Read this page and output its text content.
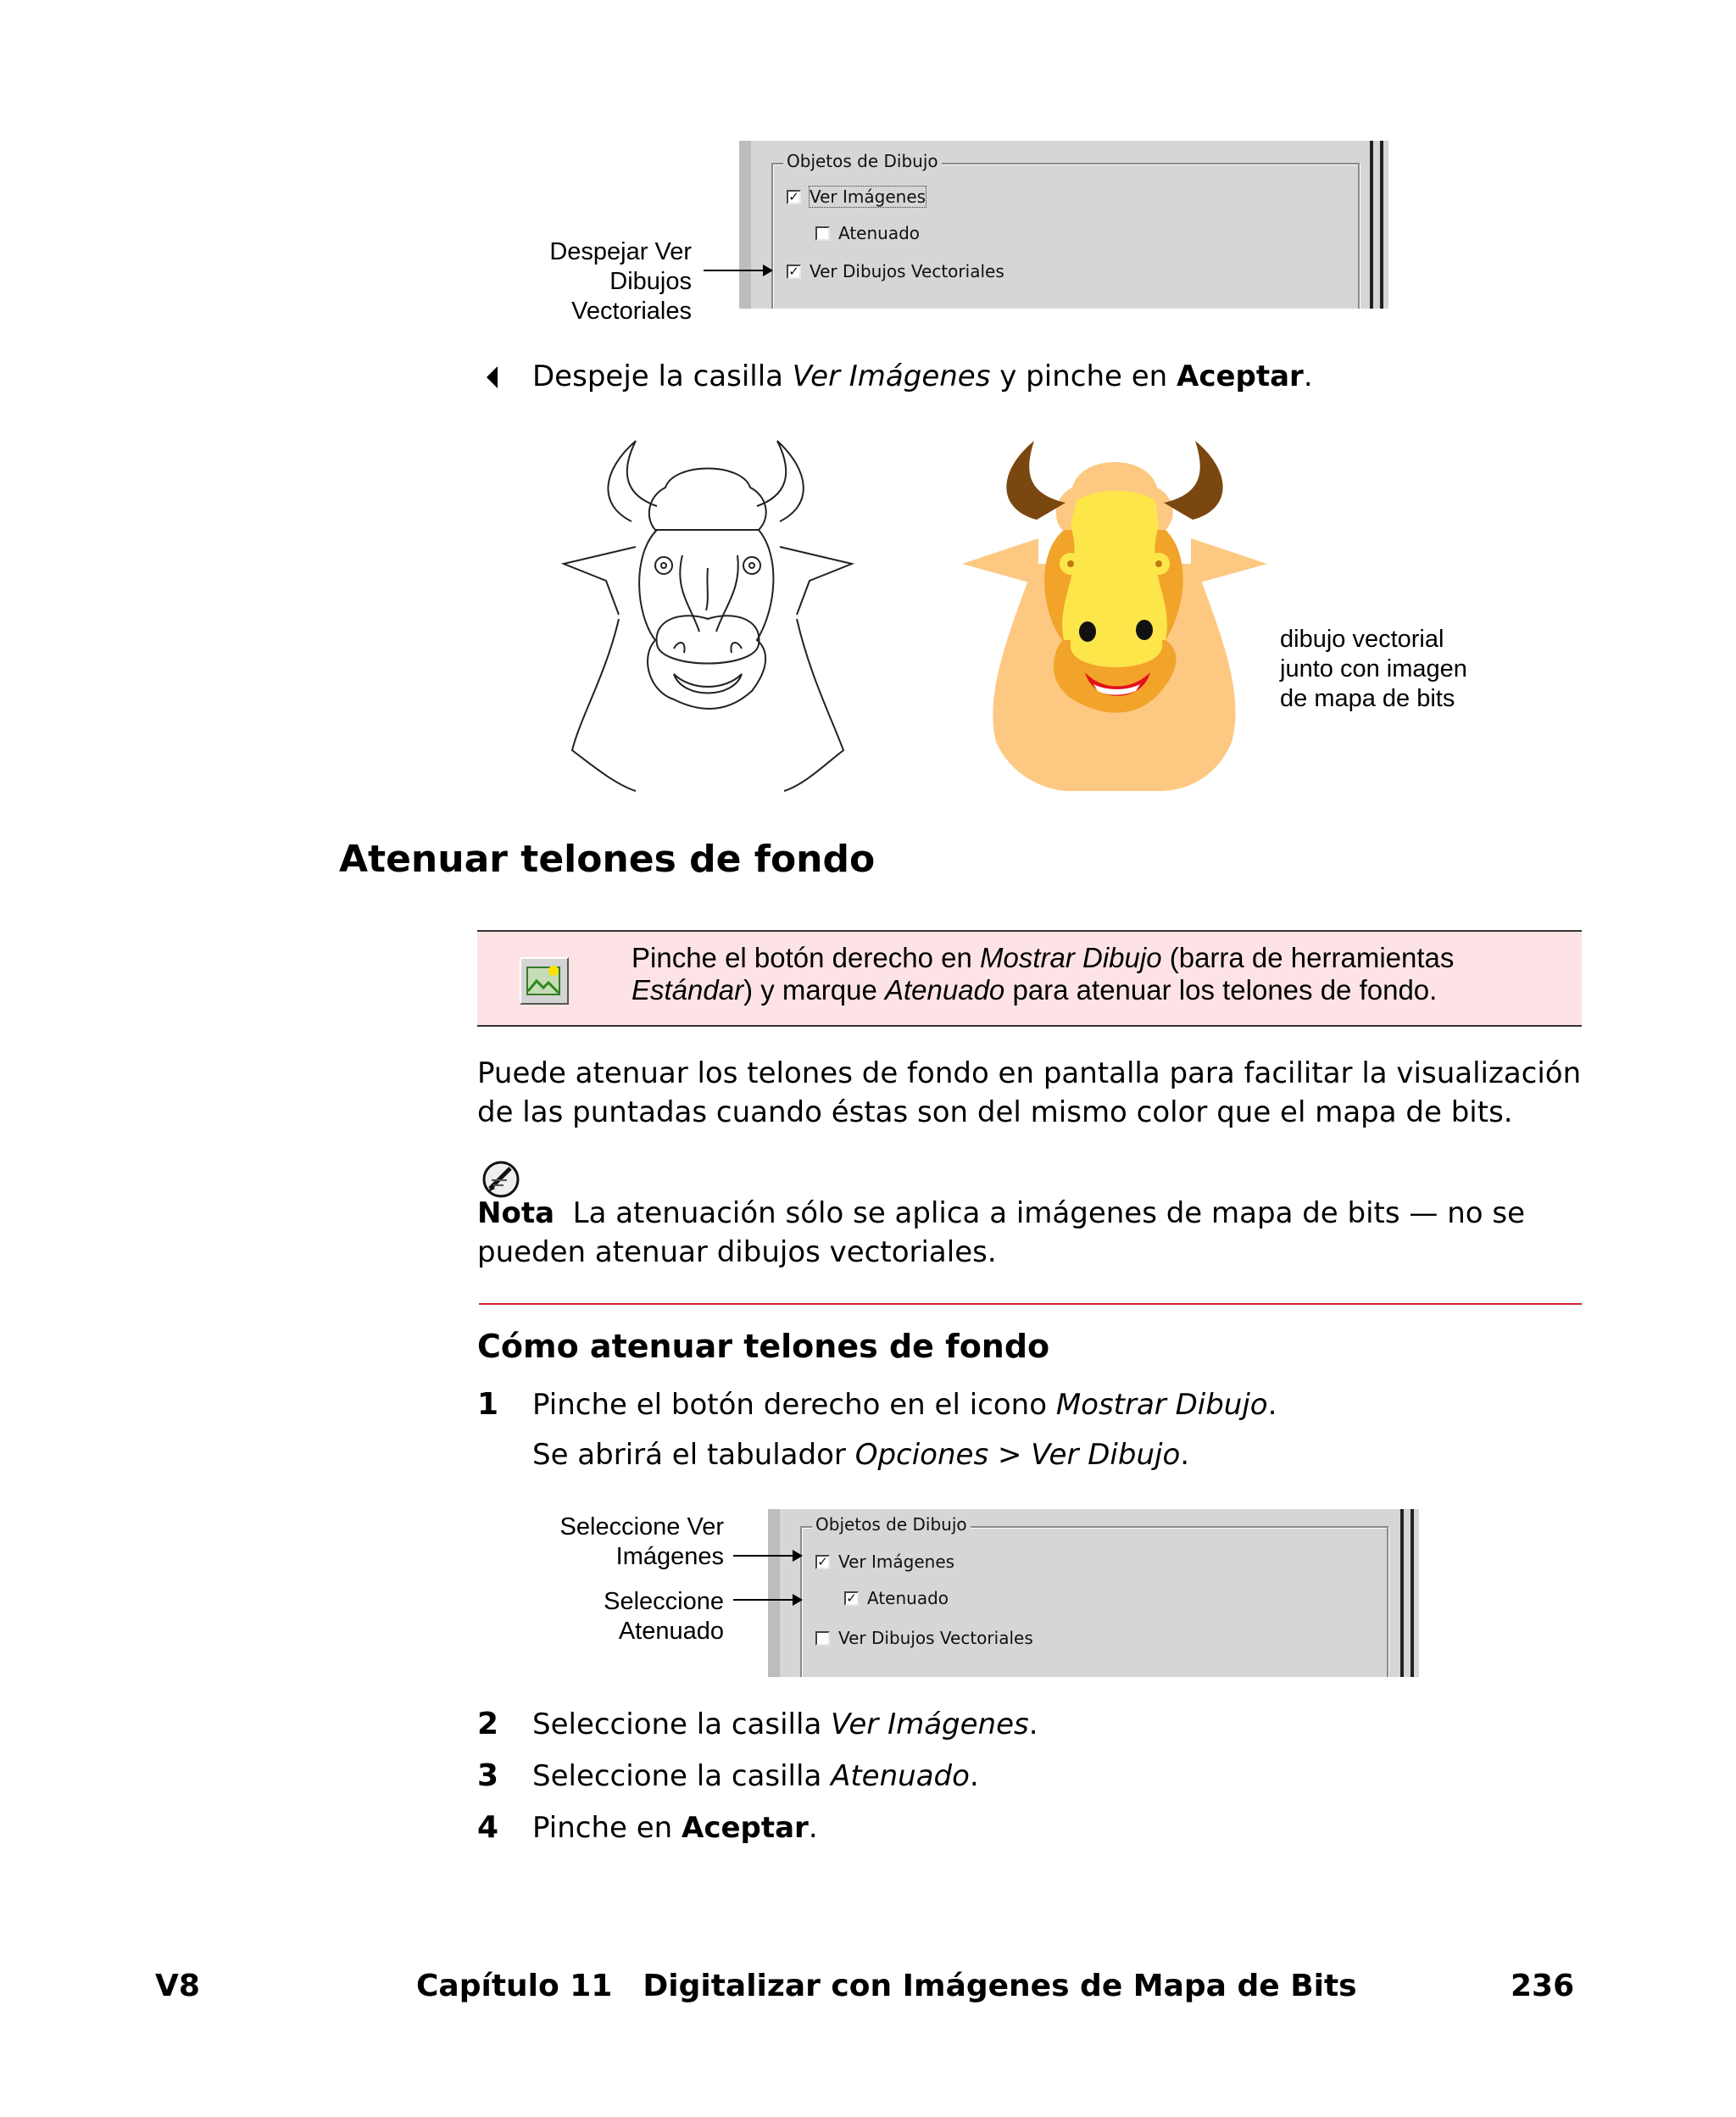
Objetos de Dibujo
✓ Ver Imágenes
Atenuado
✓ Ver Dibujos Vectoriales
Despejar Ver
Dibujos
Vectoriales
Despeje la casilla Ver Imágenes y pinche en Aceptar.
dibujo vectorial
junto con imagen
de mapa de bits
Atenuar telones de fondo
Pinche el botón derecho en Mostrar Dibujo (barra de herramientas
Estándar) y marque Atenuado para atenuar los telones de fondo.
Puede atenuar los telones de fondo en pantalla para facilitar la visualización de las puntadas cuando éstas son del mismo color que el mapa de bits.
Nota La atenuación sólo se aplica a imágenes de mapa de bits — no se pueden atenuar dibujos vectoriales.
Cómo atenuar telones de fondo
1 Pinche el botón derecho en el icono Mostrar Dibujo.
Se abrirá el tabulador Opciones > Ver Dibujo.
Objetos de Dibujo
✓ Ver Imágenes
✓ Atenuado
Ver Dibujos Vectoriales
Seleccione Ver
Imágenes
Seleccione
Atenuado
2 Seleccione la casilla Ver Imágenes.
3 Seleccione la casilla Atenuado.
4 Pinche en Aceptar.
V8	Capítulo 11 Digitalizar con Imágenes de Mapa de Bits	236
